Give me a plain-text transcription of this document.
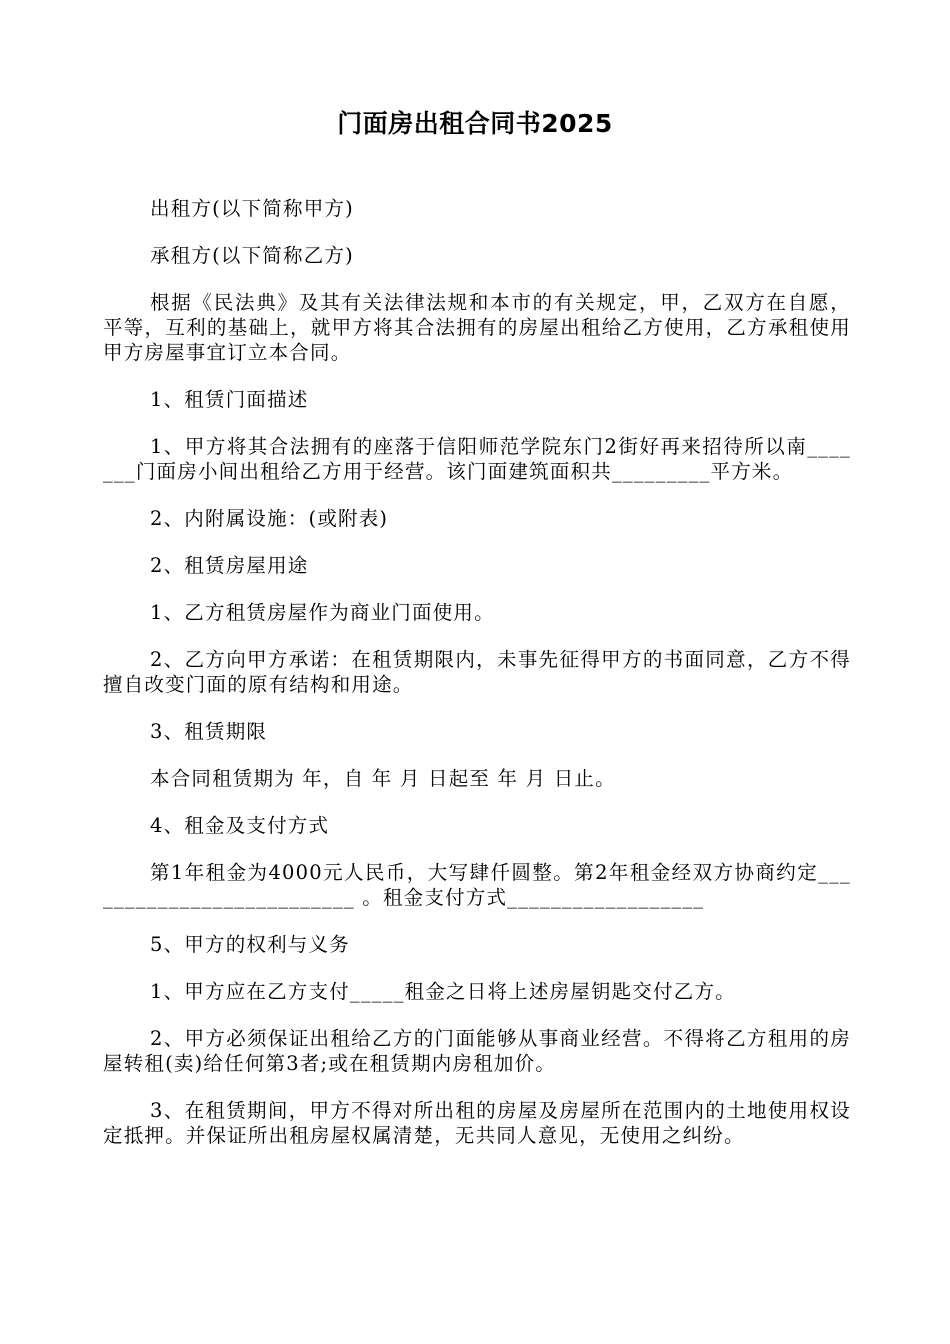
门面房出租合同书2025

出租方(以下简称甲方)

承租方(以下简称乙方)

根据《民法典》及其有关法律法规和本市的有关规定，甲，乙双方在自愿，平等，互利的基础上，就甲方将其合法拥有的房屋出租给乙方使用，乙方承租使用甲方房屋事宜订立本合同。

1、租赁门面描述

1、甲方将其合法拥有的座落于信阳师范学院东门2街好再来招待所以南_______门面房小间出租给乙方用于经营。该门面建筑面积共_________平方米。

2、内附属设施：(或附表)

2、租赁房屋用途

1、乙方租赁房屋作为商业门面使用。

2、乙方向甲方承诺：在租赁期限内，未事先征得甲方的书面同意，乙方不得擅自改变门面的原有结构和用途。

3、租赁期限

本合同租赁期为 年，自 年 月 日起至 年 月 日止。

4、租金及支付方式

第1年租金为4000元人民币，大写肆仟圆整。第2年租金经双方协商约定__________________________ 。租金支付方式__________________

5、甲方的权利与义务

1、甲方应在乙方支付_____租金之日将上述房屋钥匙交付乙方。

2、甲方必须保证出租给乙方的门面能够从事商业经营。不得将乙方租用的房屋转租(卖)给任何第3者;或在租赁期内房租加价。

3、在租赁期间，甲方不得对所出租的房屋及房屋所在范围内的土地使用权设定抵押。并保证所出租房屋权属清楚，无共同人意见，无使用之纠纷。
